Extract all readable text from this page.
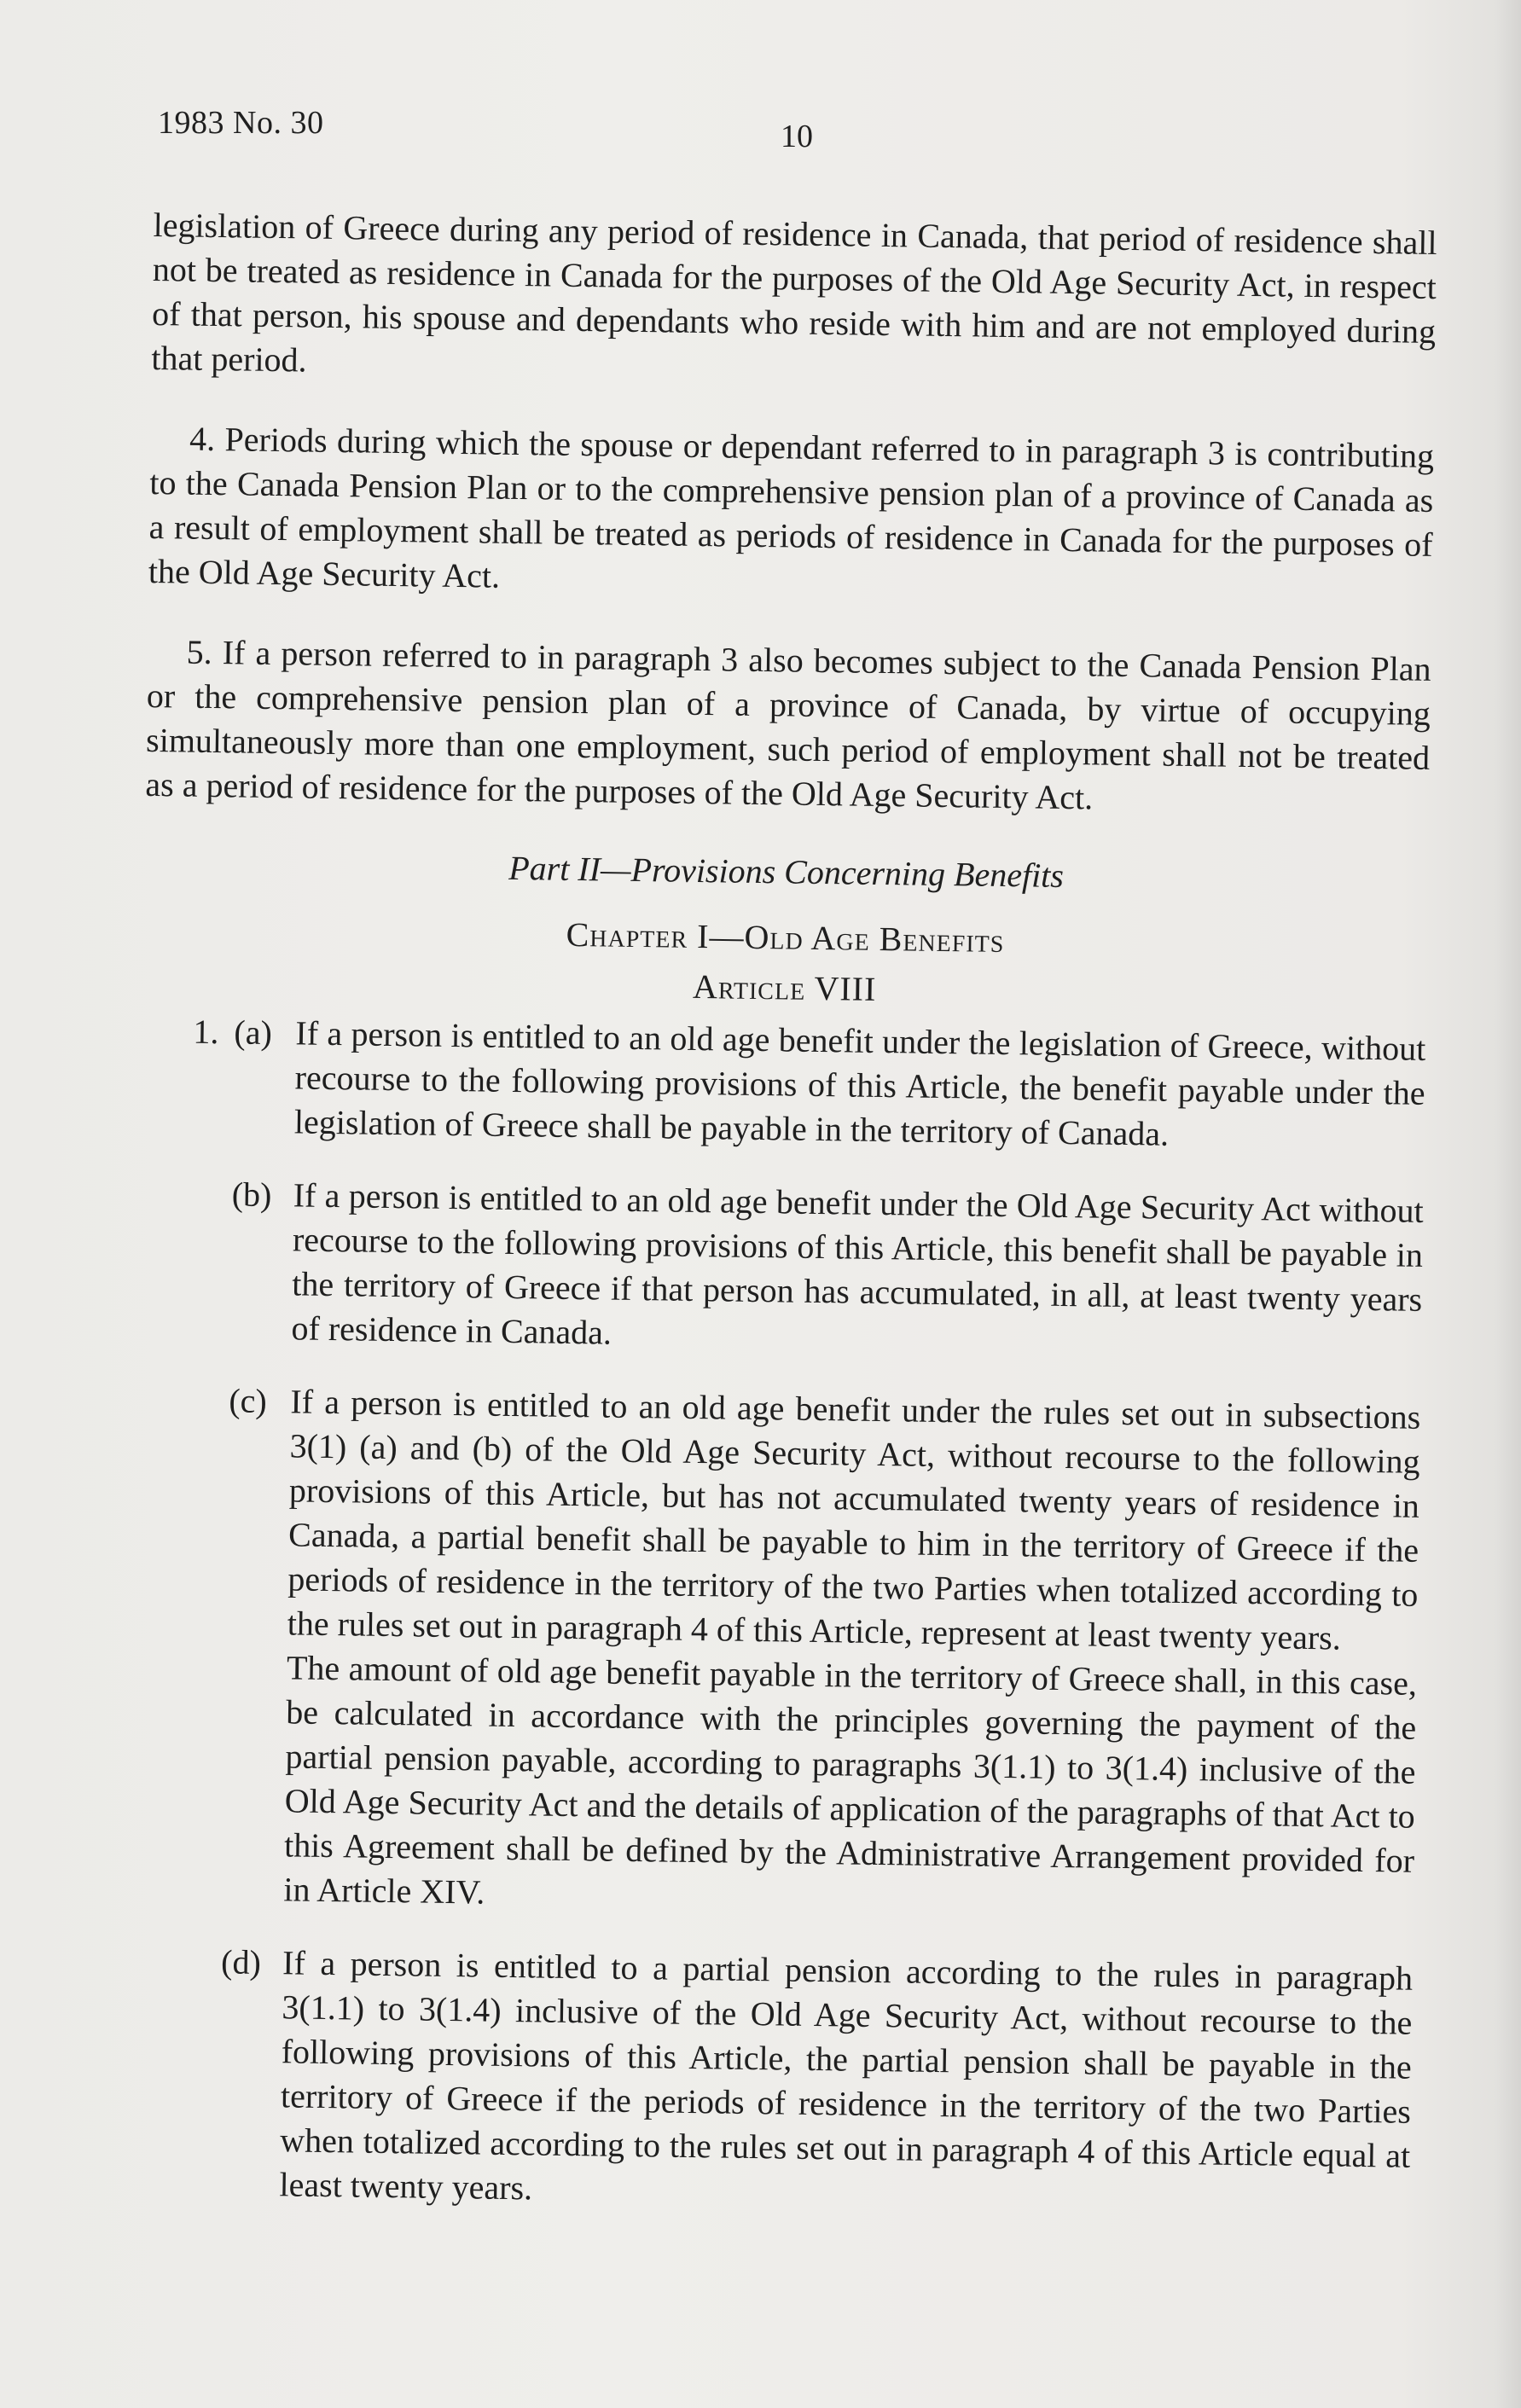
1983 No. 30	10

legislation of Greece during any period of residence in Canada, that period of residence shall not be treated as residence in Canada for the purposes of the Old Age Security Act, in respect of that person, his spouse and dependants who reside with him and are not employed during that period.

4. Periods during which the spouse or dependant referred to in paragraph 3 is contributing to the Canada Pension Plan or to the comprehensive pension plan of a province of Canada as a result of employment shall be treated as periods of residence in Canada for the purposes of the Old Age Security Act.

5. If a person referred to in paragraph 3 also becomes subject to the Canada Pension Plan or the comprehensive pension plan of a province of Canada, by virtue of occupying simultaneously more than one employment, such period of employment shall not be treated as a period of residence for the purposes of the Old Age Security Act.

Part II—Provisions Concerning Benefits
Chapter I—Old Age Benefits
Article VIII
1. (a) If a person is entitled to an old age benefit under the legislation of Greece, without recourse to the following provisions of this Article, the benefit payable under the legislation of Greece shall be payable in the territory of Canada.

(b) If a person is entitled to an old age benefit under the Old Age Security Act without recourse to the following provisions of this Article, this benefit shall be payable in the territory of Greece if that person has accumulated, in all, at least twenty years of residence in Canada.

(c) If a person is entitled to an old age benefit under the rules set out in subsections 3(1) (a) and (b) of the Old Age Security Act, without recourse to the following provisions of this Article, but has not accumulated twenty years of residence in Canada, a partial benefit shall be payable to him in the territory of Greece if the periods of residence in the territory of the two Parties when totalized according to the rules set out in paragraph 4 of this Article, represent at least twenty years.

The amount of old age benefit payable in the territory of Greece shall, in this case, be calculated in accordance with the principles governing the payment of the partial pension payable, according to paragraphs 3(1.1) to 3(1.4) inclusive of the Old Age Security Act and the details of application of the paragraphs of that Act to this Agreement shall be defined by the Administrative Arrangement provided for in Article XIV.

(d) If a person is entitled to a partial pension according to the rules in paragraph 3(1.1) to 3(1.4) inclusive of the Old Age Security Act, without recourse to the following provisions of this Article, the partial pension shall be payable in the territory of Greece if the periods of residence in the territory of the two Parties when totalized according to the rules set out in paragraph 4 of this Article equal at least twenty years.
